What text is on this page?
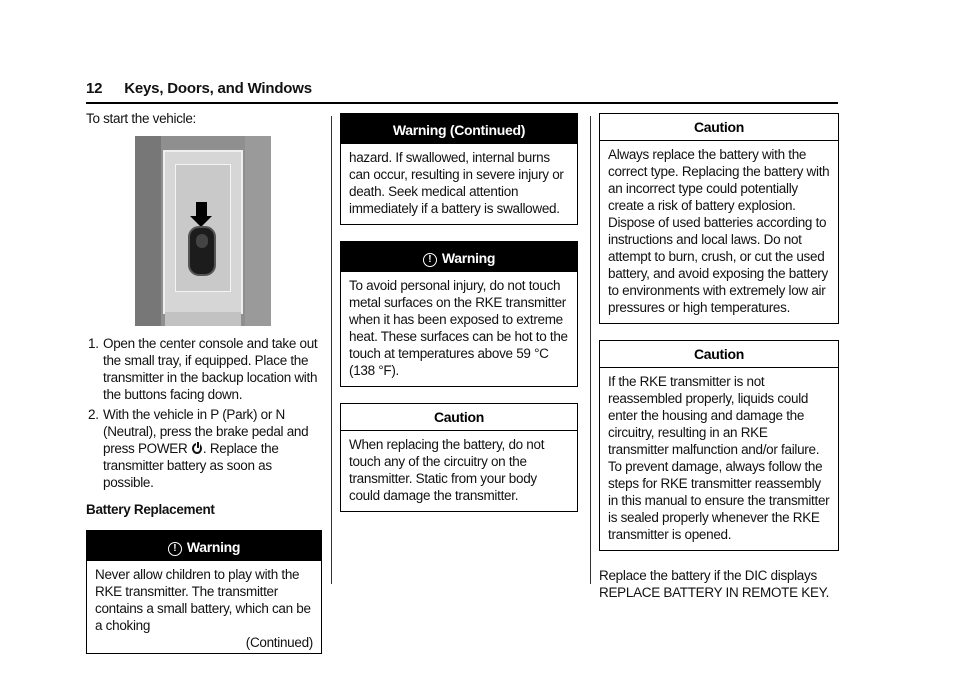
12 Keys, Doors, and Windows

To start the vehicle:

1. Open the center console and take out the small tray, if equipped. Place the transmitter in the backup location with the buttons facing down.
2. With the vehicle in P (Park) or N (Neutral), press the brake pedal and press POWER . Replace the transmitter battery as soon as possible.

Battery Replacement

! Warning

Never allow children to play with the RKE transmitter. The transmitter contains a small battery, which can be a choking

(Continued)

Warning (Continued)

hazard. If swallowed, internal burns can occur, resulting in severe injury or death. Seek medical attention immediately if a battery is swallowed.

! Warning

To avoid personal injury, do not touch metal surfaces on the RKE transmitter when it has been exposed to extreme heat. These surfaces can be hot to the touch at temperatures above 59 °C (138 °F).

Caution

When replacing the battery, do not touch any of the circuitry on the transmitter. Static from your body could damage the transmitter.

Caution

Always replace the battery with the correct type. Replacing the battery with an incorrect type could potentially create a risk of battery explosion. Dispose of used batteries according to instructions and local laws. Do not attempt to burn, crush, or cut the used battery, and avoid exposing the battery to environments with extremely low air pressures or high temperatures.

Caution

If the RKE transmitter is not reassembled properly, liquids could enter the housing and damage the circuitry, resulting in an RKE transmitter malfunction and/or failure. To prevent damage, always follow the steps for RKE transmitter reassembly in this manual to ensure the transmitter is sealed properly whenever the RKE transmitter is opened.

Replace the battery if the DIC displays REPLACE BATTERY IN REMOTE KEY.
